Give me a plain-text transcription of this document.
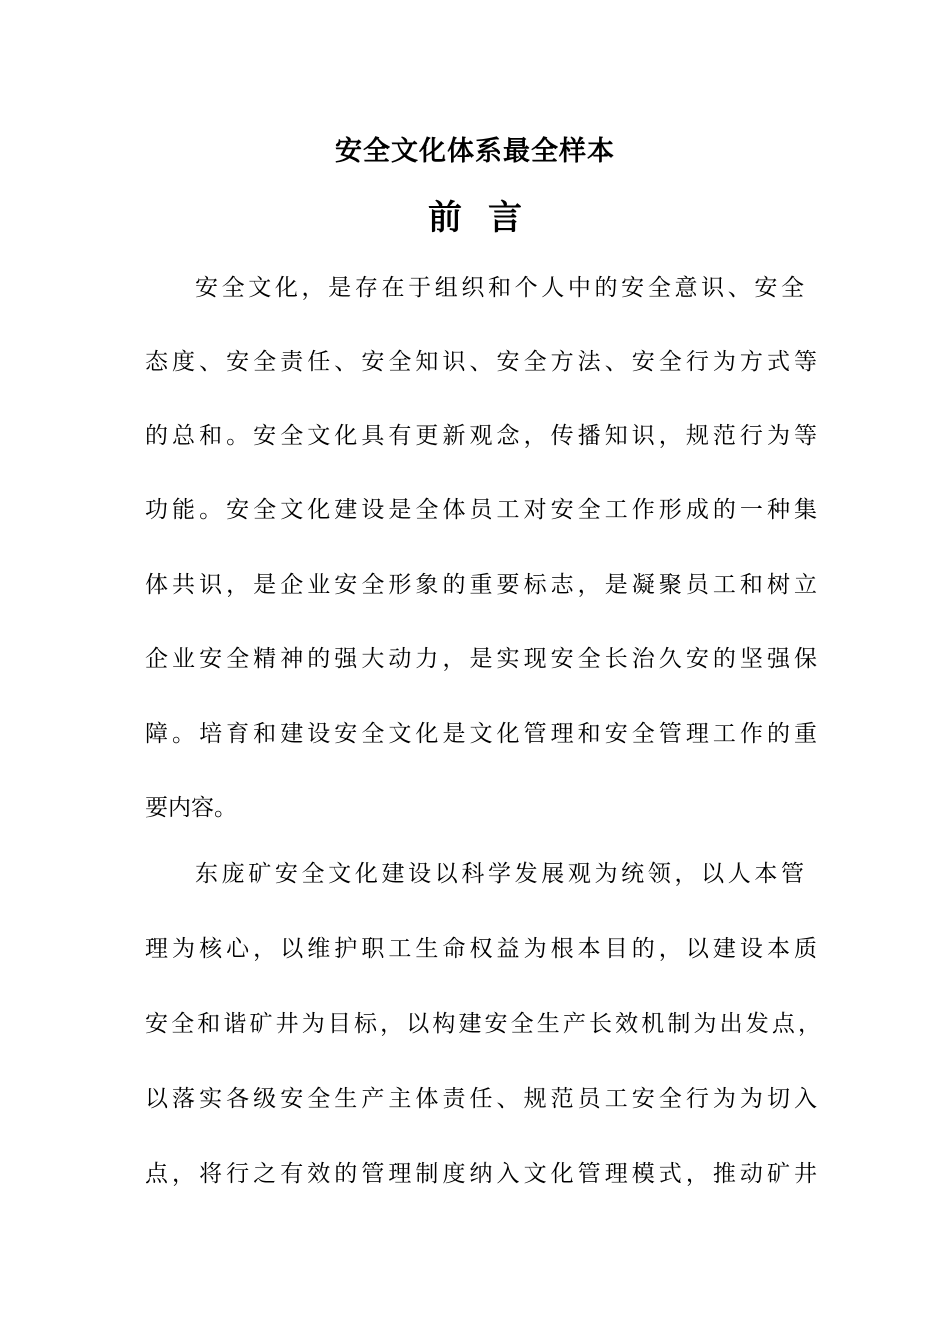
安全文化体系最全样本
前言
安全文化，是存在于组织和个人中的安全意识、安全
态度、安全责任、安全知识、安全方法、安全行为方式等
的总和。安全文化具有更新观念，传播知识，规范行为等
功能。安全文化建设是全体员工对安全工作形成的一种集
体共识，是企业安全形象的重要标志，是凝聚员工和树立
企业安全精神的强大动力，是实现安全长治久安的坚强保
障。培育和建设安全文化是文化管理和安全管理工作的重
要内容。
东庞矿安全文化建设以科学发展观为统领，以人本管
理为核心，以维护职工生命权益为根本目的，以建设本质
安全和谐矿井为目标，以构建安全生产长效机制为出发点，
以落实各级安全生产主体责任、规范员工安全行为为切入
点，将行之有效的管理制度纳入文化管理模式，推动矿井
